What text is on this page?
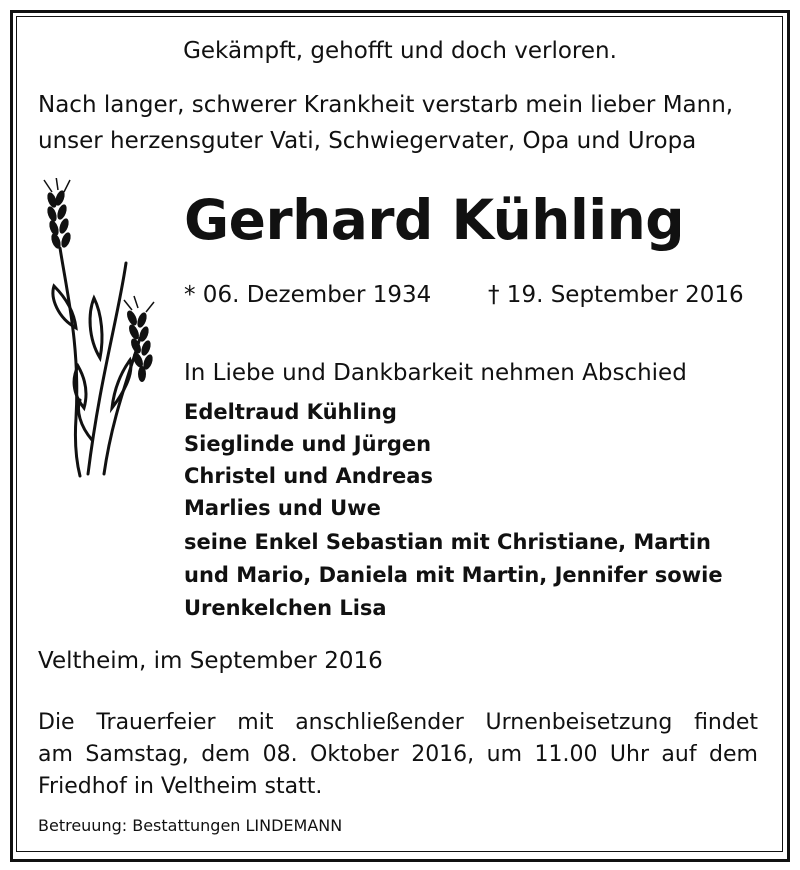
Gekämpft, gehofft und doch verloren.
Nach langer, schwerer Krankheit verstarb mein lieber Mann,
unser herzensguter Vati, Schwiegervater, Opa und Uropa
Gerhard Kühling
* 06. Dezember 1934 † 19. September 2016
In Liebe und Dankbarkeit nehmen Abschied
Edeltraud Kühling
Sieglinde und Jürgen
Christel und Andreas
Marlies und Uwe
seine Enkel Sebastian mit Christiane, Martin
und Mario, Daniela mit Martin, Jennifer sowie
Urenkelchen Lisa
Veltheim, im September 2016
Die Trauerfeier mit anschließender Urnenbeisetzung findet
am Samstag, dem 08. Oktober 2016, um 11.00 Uhr auf dem
Friedhof in Veltheim statt.
Betreuung: Bestattungen LINDEMANN
